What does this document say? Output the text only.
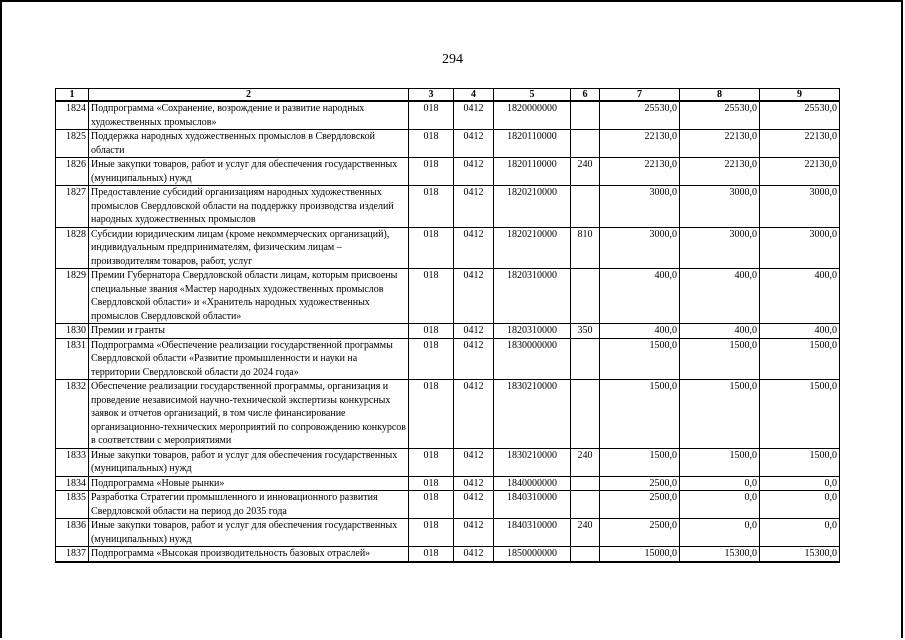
294
1	2	3	4	5	6	7	8	9
1824	Подпрограмма «Сохранение, возрождение и развитие народных художественных промыслов»	018	0412	1820000000		25530,0	25530,0	25530,0
1825	Поддержка народных художественных промыслов в Свердловской области	018	0412	1820110000		22130,0	22130,0	22130,0
1826	Иные закупки товаров, работ и услуг для обеспечения государственных (муниципальных) нужд	018	0412	1820110000	240	22130,0	22130,0	22130,0
1827	Предоставление субсидий организациям народных художественных промыслов Свердловской области на поддержку производства изделий народных художественных промыслов	018	0412	1820210000		3000,0	3000,0	3000,0
1828	Субсидии юридическим лицам (кроме некоммерческих организаций), индивидуальным предпринимателям, физическим лицам – производителям товаров, работ, услуг	018	0412	1820210000	810	3000,0	3000,0	3000,0
1829	Премии Губернатора Свердловской области лицам, которым присвоены специальные звания «Мастер народных художественных промыслов Свердловской области» и «Хранитель народных художественных промыслов Свердловской области»	018	0412	1820310000		400,0	400,0	400,0
1830	Премии и гранты	018	0412	1820310000	350	400,0	400,0	400,0
1831	Подпрограмма «Обеспечение реализации государственной программы Свердловской области «Развитие промышленности и науки на территории Свердловской области до 2024 года»	018	0412	1830000000		1500,0	1500,0	1500,0
1832	Обеспечение реализации государственной программы, организация и проведение независимой научно-технической экспертизы конкурсных заявок и отчетов организаций, в том числе финансирование организационно-технических мероприятий по сопровождению конкурсов в соответствии с мероприятиями	018	0412	1830210000		1500,0	1500,0	1500,0
1833	Иные закупки товаров, работ и услуг для обеспечения государственных (муниципальных) нужд	018	0412	1830210000	240	1500,0	1500,0	1500,0
1834	Подпрограмма «Новые рынки»	018	0412	1840000000		2500,0	0,0	0,0
1835	Разработка Стратегии промышленного и инновационного развития Свердловской области на период до 2035 года	018	0412	1840310000		2500,0	0,0	0,0
1836	Иные закупки товаров, работ и услуг для обеспечения государственных (муниципальных) нужд	018	0412	1840310000	240	2500,0	0,0	0,0
1837	Подпрограмма «Высокая производительность базовых отраслей»	018	0412	1850000000		15000,0	15300,0	15300,0
